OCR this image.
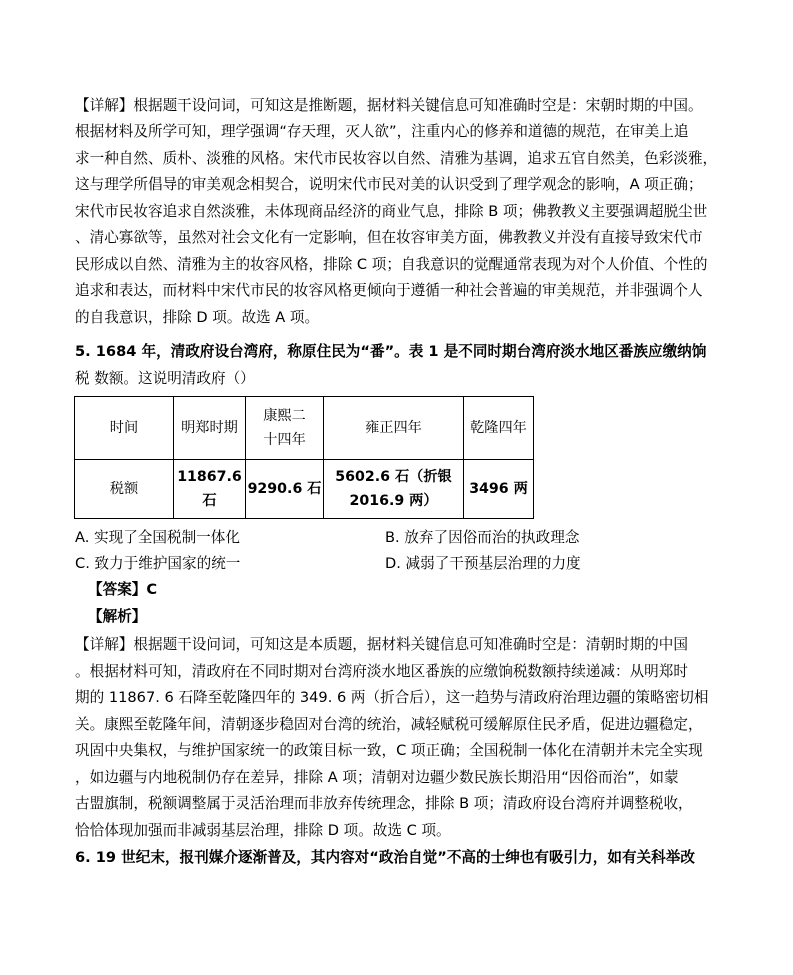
【详解】根据题干设问词，可知这是推断题，据材料关键信息可知准确时空是：宋朝时期的中国。
根据材料及所学可知，理学强调“存天理，灭人欲”，注重内心的修养和道德的规范，在审美上追
求一种自然、质朴、淡雅的风格。宋代市民妆容以自然、清雅为基调，追求五官自然美，色彩淡雅，
这与理学所倡导的审美观念相契合，说明宋代市民对美的认识受到了理学观念的影响，A 项正确；
宋代市民妆容追求自然淡雅，未体现商品经济的商业气息，排除 B 项；佛教教义主要强调超脱尘世
、清心寡欲等，虽然对社会文化有一定影响，但在妆容审美方面，佛教教义并没有直接导致宋代市
民形成以自然、清雅为主的妆容风格，排除 C 项；自我意识的觉醒通常表现为对个人价值、个性的
追求和表达，而材料中宋代市民的妆容风格更倾向于遵循一种社会普遍的审美规范，并非强调个人
的自我意识，排除 D 项。故选 A 项。
5. 1684 年，清政府设台湾府，称原住民为“番”。表 1 是不同时期台湾府淡水地区番族应缴纳饷
税 数额。这说明清政府（）
时间	明郑时期	康熙二十四年	雍正四年	乾隆四年
税额	11867.6 石	9290.6 石	5602.6 石（折银 2016.9 两）	3496 两
A. 实现了全国税制一体化	B. 放弃了因俗而治的执政理念
C. 致力于维护国家的统一	D. 减弱了干预基层治理的力度
【答案】C
【解析】
【详解】根据题干设问词，可知这是本质题，据材料关键信息可知准确时空是：清朝时期的中国
。根据材料可知，清政府在不同时期对台湾府淡水地区番族的应缴饷税数额持续递减：从明郑时
期的 11867. 6 石降至乾隆四年的 349. 6 两（折合后），这一趋势与清政府治理边疆的策略密切相
关。康熙至乾隆年间，清朝逐步稳固对台湾的统治，减轻赋税可缓解原住民矛盾，促进边疆稳定，
巩固中央集权，与维护国家统一的政策目标一致，C 项正确；全国税制一体化在清朝并未完全实现
，如边疆与内地税制仍存在差异，排除 A 项；清朝对边疆少数民族长期沿用“因俗而治”，如蒙
古盟旗制，税额调整属于灵活治理而非放弃传统理念，排除 B 项；清政府设台湾府并调整税收，
恰恰体现加强而非减弱基层治理，排除 D 项。故选 C 项。
6. 19 世纪末，报刊媒介逐渐普及，其内容对“政治自觉”不高的士绅也有吸引力，如有关科举改
